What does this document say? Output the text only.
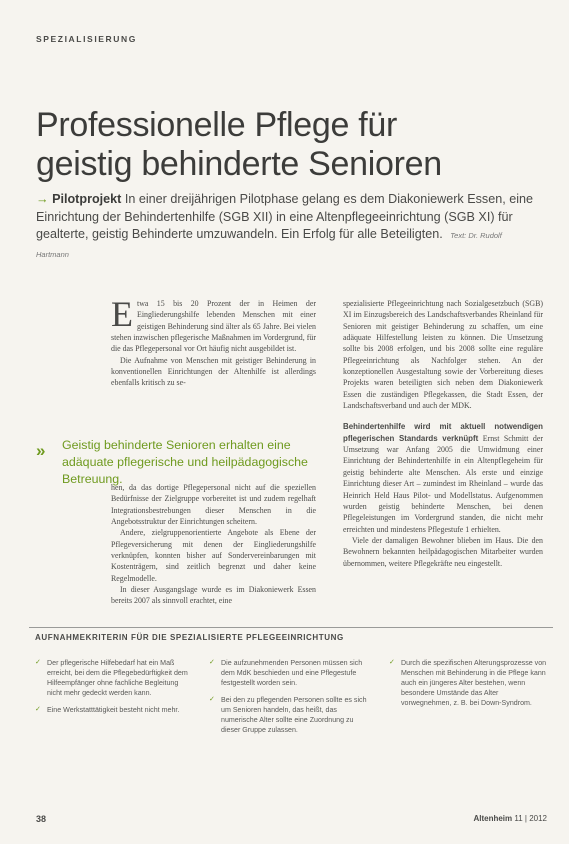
SPEZIALISIERUNG
Professionelle Pflege für
geistig behinderte Senioren
→ Pilotprojekt In einer dreijährigen Pilotphase gelang es dem Diakoniewerk Essen, eine Einrichtung der Behindertenhilfe (SGB XII) in eine Altenpflegeeinrichtung (SGB XI) für gealterte, geistig Behinderte umzuwandeln. Ein Erfolg für alle Beteiligten. Text: Dr. Rudolf Hartmann

Etwa 15 bis 20 Prozent der in Heimen der Eingliederungshilfe lebenden Menschen mit einer geistigen Behinderung sind älter als 65 Jahre. Bei vielen stehen inzwischen pflegerische Maßnahmen im Vordergrund, für die das Pflegepersonal vor Ort häufig nicht ausgebildet ist.

Die Aufnahme von Menschen mit geistiger Behinderung in konventionellen Einrichtungen der Altenhilfe ist allerdings ebenfalls kritisch zu se-

» Geistig behinderte Senioren erhalten eine adäquate pflegerische und heilpädagogische Betreuung.

hen, da das dortige Pflegepersonal nicht auf die speziellen Bedürfnisse der Zielgruppe vorbereitet ist und zudem regelhaft Integrationsbestrebungen dieser Menschen in die Angebotsstruktur der Einrichtungen scheitern.

Andere, zielgruppenorientierte Angebote als Ebene der Pflegeversicherung mit denen der Eingliederungshilfe verknüpfen, konnten bisher auf Sondervereinbarungen mit Kostenträgern, sind zeitlich begrenzt und daher keine Regelmodelle.

In dieser Ausgangslage wurde es im Diakoniewerk Essen bereits 2007 als sinnvoll erachtet, eine

spezialisierte Pflegeeinrichtung nach Sozialgesetzbuch (SGB) XI im Einzugsbereich des Landschaftsverbandes Rheinland für Senioren mit geistiger Behinderung zu schaffen, um eine adäquate Hilfestellung leisten zu können. Die Umsetzung sollte bis 2008 erfolgen, und bis 2008 sollte eine reguläre Pflegeeinrichtung als Nachfolger stehen. An der konzeptionellen Ausgestaltung sowie der Vorbereitung dieses Projekts waren beteiligten sich neben dem Diakoniewerk Essen die zuständigen Pflegekassen, die Stadt Essen, der Landschaftsverband und auch der MDK.

Behindertenhilfe wird mit aktuell notwendigen pflegerischen Standards verknüpft Ernst Schmitt der Umsetzung war Anfang 2005 die Umwidmung einer Einrichtung der Behindertenhilfe in ein Altenpflegeheim für geistig behinderte alte Menschen. Als erste und einzige Einrichtung dieser Art – zumindest im Rheinland – wurde das Heinrich Held Haus Pilot- und Modellstatus. Aufgenommen wurden geistig behinderte Menschen, bei denen Pflegeleistungen im Vordergrund standen, die nicht mehr erreichten und mindestens Pflegestufe 1 erhielten.

Viele der damaligen Bewohner blieben im Haus. Die den Bewohnern bekannten heilpädagogischen Mitarbeiter wurden übernommen, weitere Pflegekräfte neu eingestellt.

AUFNAHMEKRITERIN FÜR DIE SPEZIALISIERTE PFLEGEEINRICHTUNG
✓ Der pflegerische Hilfebedarf hat ein Maß erreicht, bei dem die Pflegebedürftigkeit dem Hilfeempfänger ohne fachliche Begleitung nicht mehr gedeckt werden kann.
✓ Eine Werkstatttätigkeit besteht nicht mehr.
✓ Die aufzunehmenden Personen müssen sich dem MdK beschieden und eine Pflegestufe festgestellt worden sein.
✓ Bei den zu pflegenden Personen sollte es sich um Senioren handeln, das heißt, das numerische Alter sollte eine Zuordnung zu dieser Gruppe zulassen.
✓ Durch die spezifischen Alterungsprozesse von Menschen mit Behinderung in die Pflege kann auch ein jüngeres Alter bestehen, wenn besondere Umstände das Alter vorwegnehmen, z. B. bei Down-Syndrom.
38	Altenheim 11 | 2012
